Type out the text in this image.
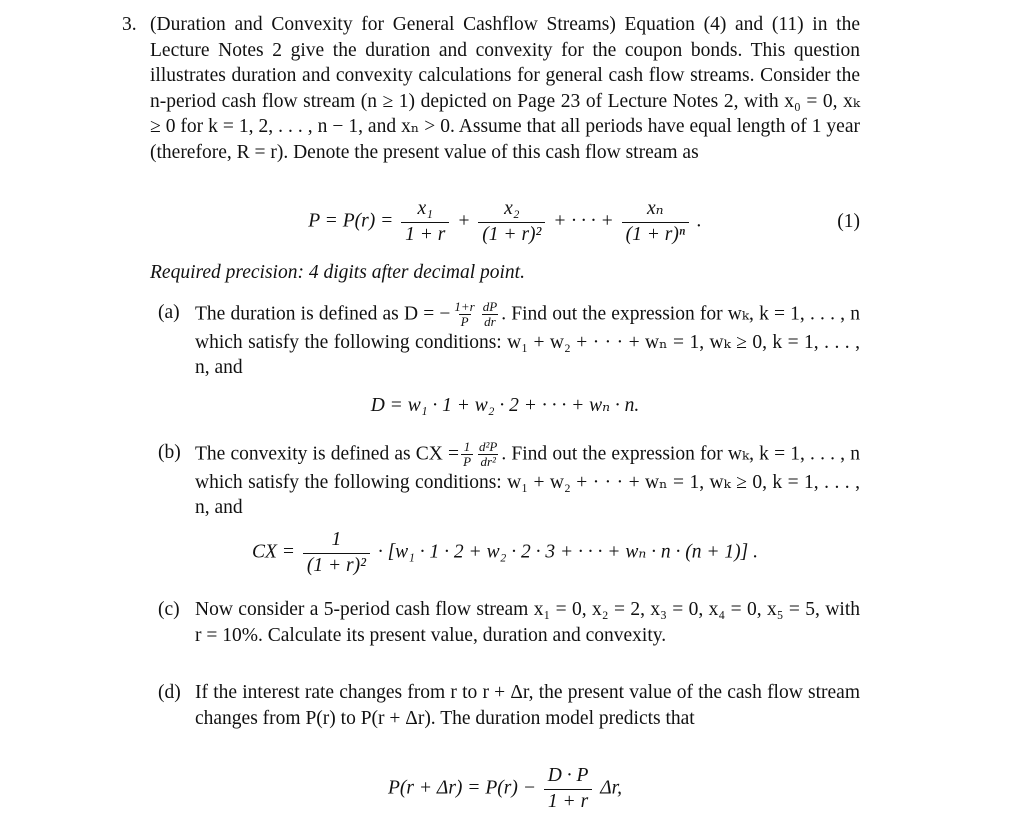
3. (Duration and Convexity for General Cashflow Streams) Equation (4) and (11) in the Lecture Notes 2 give the duration and convexity for the coupon bonds. This question illustrates duration and convexity calculations for general cash flow streams. Consider the n-period cash flow stream (n ≥ 1) depicted on Page 23 of Lecture Notes 2, with x₀ = 0, xₖ ≥ 0 for k = 1, 2, . . . , n − 1, and xₙ > 0. Assume that all periods have equal length of 1 year (therefore, R = r). Denote the present value of this cash flow stream as

$P = P(r) = \frac{\text{x₁}}{1 + r} + \frac{\text{x₂}}{\text{(1 + r)²}}$ + · · · + $\frac{\text{xₙ}}{\text{(1 + r)ⁿ}}$ .	(1)
Required precision: 4 digits after decimal point.
(a) The duration is defined as D = − $\frac{1+r}{P} \frac{dP}{dr}$ . Find out the expression for wₖ, k = 1, . . . , n which satisfy the following conditions: w₁ + w₂ + · · · + wₙ = 1, wₖ ≥ 0, k = 1, . . . , n, and

D = w₁ · 1 + w₂ · 2 + · · · + wₙ · n.
(b) The convexity is defined as CX = $\frac{1}{P} \frac{\text{d²P}}{\text{dr²}}$ . Find out the expression for wₖ, k = 1, . . . , n which satisfy the following conditions: w₁ + w₂ + · · · + wₙ = 1, wₖ ≥ 0, k = 1, . . . , n, and

CX = $\frac{1}{\text{(1 + r)²}} \cdot [w_1 \cdot 1 \cdot 2 + w_2 \cdot 2 \cdot 3$ + · · · + wₙ · n · (n + 1)] .
(c) Now consider a 5-period cash flow stream x₁ = 0, x₂ = 2, x₃ = 0, x₄ = 0, x₅ = 5, with r = 10%. Calculate its present value, duration and convexity.

(d) If the interest rate changes from r to r + Δr, the present value of the cash flow stream changes from P(r) to P(r + Δr). The duration model predicts that

$P(r + \Delta r) = P(r) - \frac{D \cdot P}{1 + r} \Delta r$,
